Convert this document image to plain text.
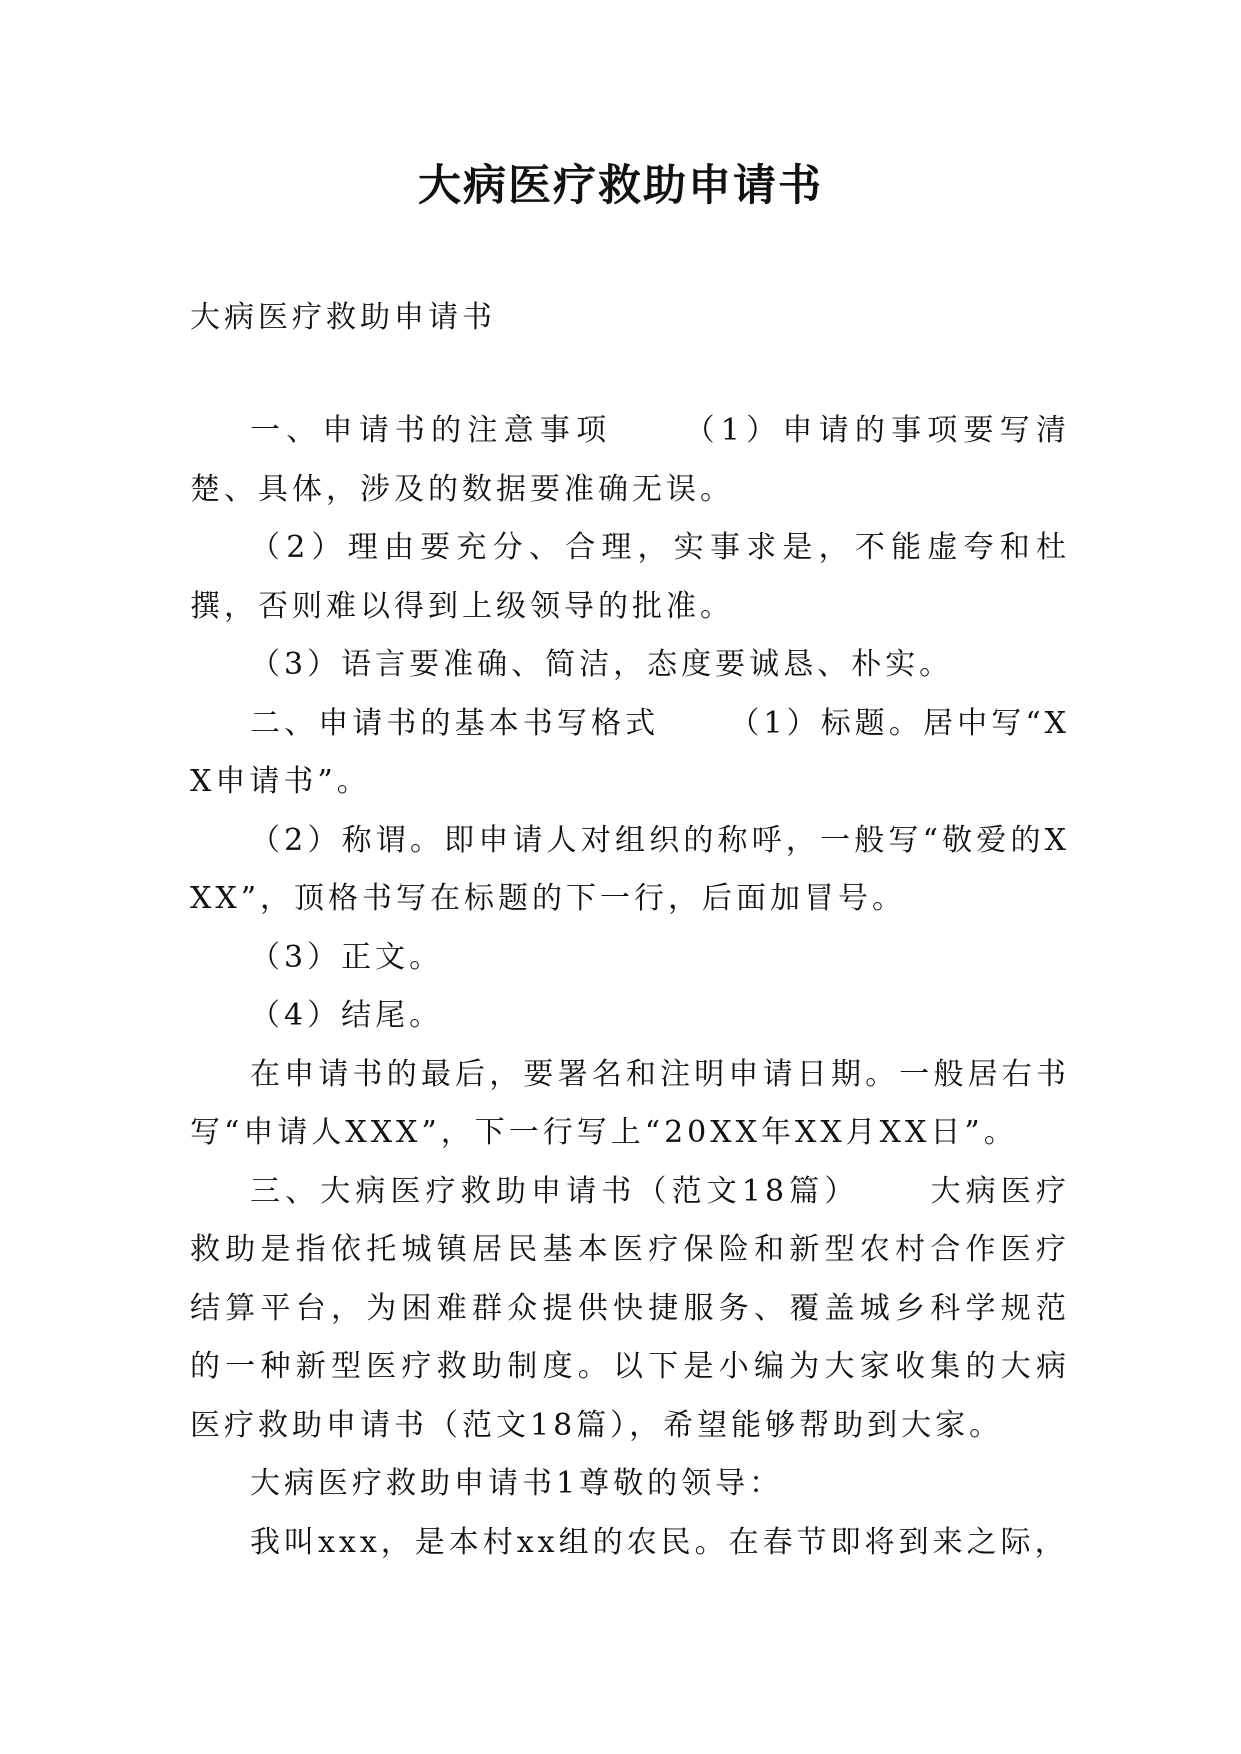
大病医疗救助申请书

大病医疗救助申请书

一、申请书的注意事项 （1）申请的事项要写清楚、具体，涉及的数据要准确无误。

（2）理由要充分、合理，实事求是，不能虚夸和杜撰，否则难以得到上级领导的批准。

（3）语言要准确、简洁，态度要诚恳、朴实。

二、申请书的基本书写格式 （1）标题。居中写“XX申请书”。

（2）称谓。即申请人对组织的称呼，一般写“敬爱的XXX”，顶格书写在标题的下一行，后面加冒号。

（3）正文。

（4）结尾。

在申请书的最后，要署名和注明申请日期。一般居右书写“申请人XXX”，下一行写上“20XX年XX月XX日”。

三、大病医疗救助申请书（范文18篇） 大病医疗救助是指依托城镇居民基本医疗保险和新型农村合作医疗结算平台，为困难群众提供快捷服务、覆盖城乡科学规范的一种新型医疗救助制度。以下是小编为大家收集的大病医疗救助申请书（范文18篇），希望能够帮助到大家。

大病医疗救助申请书1尊敬的领导：

我叫xxx，是本村xx组的农民。在春节即将到来之际，
